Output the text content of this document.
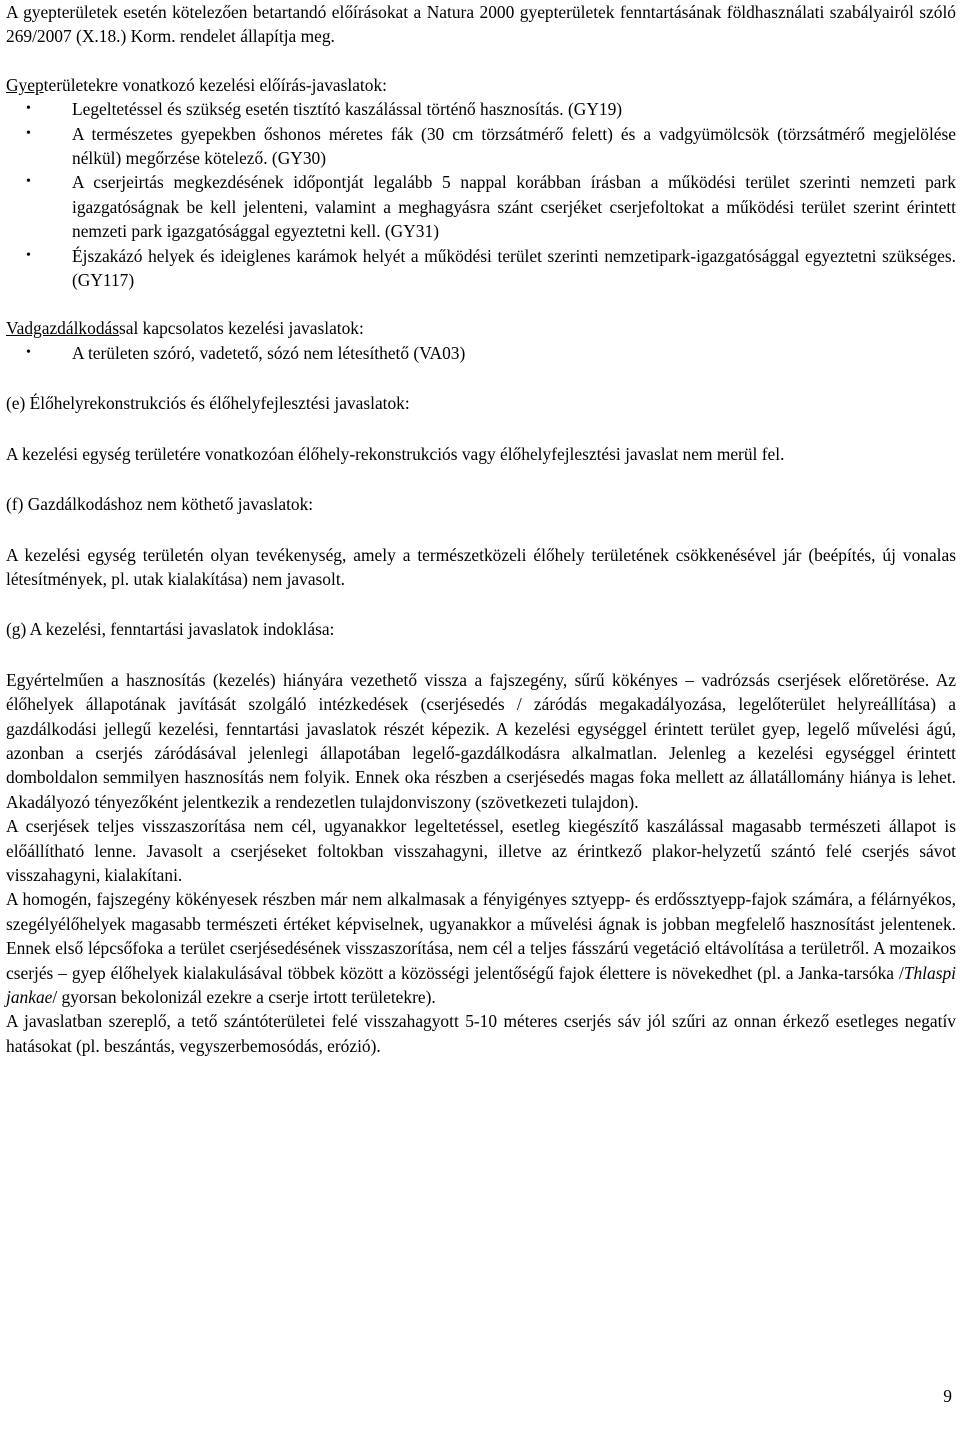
A gyepterületek esetén kötelezően betartandó előírásokat a Natura 2000 gyepterületek fenntartásának földhasználati szabályairól szóló 269/2007 (X.18.) Korm. rendelet állapítja meg.

Gyepterületekre vonatkozó kezelési előírás-javaslatok:

• Legeltetéssel és szükség esetén tisztító kaszálással történő hasznosítás. (GY19)
• A természetes gyepekben őshonos méretes fák (30 cm törzsátmérő felett) és a vadgyümölcsök (törzsátmérő megjelölése nélkül) megőrzése kötelező. (GY30)
• A cserjeirtás megkezdésének időpontját legalább 5 nappal korábban írásban a működési terület szerinti nemzeti park igazgatóságnak be kell jelenteni, valamint a meghagyásra szánt cserjéket cserjefoltokat a működési terület szerint érintett nemzeti park igazgatósággal egyeztetni kell. (GY31)
• Éjszakázó helyek és ideiglenes karámok helyét a működési terület szerinti nemzetipark-igazgatósággal egyeztetni szükséges. (GY117)

Vadgazdálkodással kapcsolatos kezelési javaslatok:

• A területen szóró, vadetető, sózó nem létesíthető (VA03)

(e) Élőhelyrekonstrukciós és élőhelyfejlesztési javaslatok:

A kezelési egység területére vonatkozóan élőhely-rekonstrukciós vagy élőhelyfejlesztési javaslat nem merül fel.

(f) Gazdálkodáshoz nem köthető javaslatok:

A kezelési egység területén olyan tevékenység, amely a természetközeli élőhely területének csökkenésével jár (beépítés, új vonalas létesítmények, pl. utak kialakítása) nem javasolt.

(g) A kezelési, fenntartási javaslatok indoklása:

Egyértelműen a hasznosítás (kezelés) hiányára vezethető vissza a fajszegény, sűrű kökényes – vadrózsás cserjések előretörése. Az élőhelyek állapotának javítását szolgáló intézkedések (cserjésedés / záródás megakadályozása, legelőterület helyreállítása) a gazdálkodási jellegű kezelési, fenntartási javaslatok részét képezik. A kezelési egységgel érintett terület gyep, legelő művelési ágú, azonban a cserjés záródásával jelenlegi állapotában legelő-gazdálkodásra alkalmatlan. Jelenleg a kezelési egységgel érintett domboldalon semmilyen hasznosítás nem folyik. Ennek oka részben a cserjésedés magas foka mellett az állatállomány hiánya is lehet. Akadályozó tényezőként jelentkezik a rendezetlen tulajdonviszony (szövetkezeti tulajdon).

A cserjések teljes visszaszorítása nem cél, ugyanakkor legeltetéssel, esetleg kiegészítő kaszálással magasabb természeti állapot is előállítható lenne. Javasolt a cserjéseket foltokban visszahagyni, illetve az érintkező plakor-helyzetű szántó felé cserjés sávot visszahagyni, kialakítani.

A homogén, fajszegény kökényesek részben már nem alkalmasak a fényigényes sztyepp- és erdőssztyepp-fajok számára, a félárnyékos, szegélyélőhelyek magasabb természeti értéket képviselnek, ugyanakkor a művelési ágnak is jobban megfelelő hasznosítást jelentenek. Ennek első lépcsőfoka a terület cserjésedésének visszaszorítása, nem cél a teljes fásszárú vegetáció eltávolítása a területről. A mozaikos cserjés – gyep élőhelyek kialakulásával többek között a közösségi jelentőségű fajok élettere is növekedhet (pl. a Janka-tarsóka /Thlaspi jankae/ gyorsan bekolonizál ezekre a cserje irtott területekre).

A javaslatban szereplő, a tető szántóterületei felé visszahagyott 5-10 méteres cserjés sáv jól szűri az onnan érkező esetleges negatív hatásokat (pl. beszántás, vegyszerbemosódás, erózió).

9
